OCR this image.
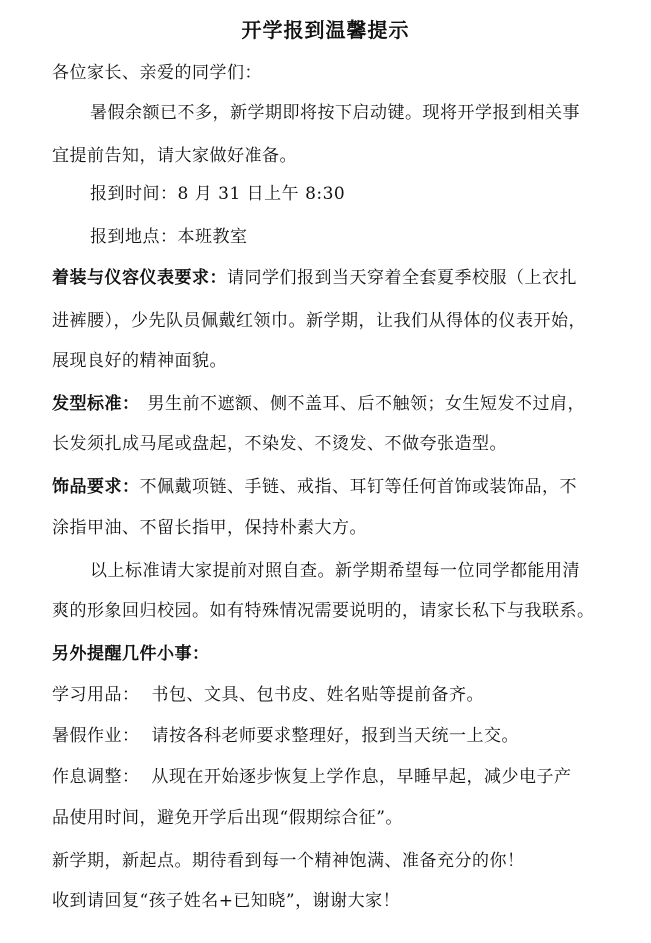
开学报到温馨提示
各位家长、亲爱的同学们：
暑假余额已不多，新学期即将按下启动键。现将开学报到相关事
宜提前告知，请大家做好准备。
报到时间：8 月 31 日上午 8:30
报到地点：本班教室
着装与仪容仪表要求：请同学们报到当天穿着全套夏季校服（上衣扎
进裤腰），少先队员佩戴红领巾。新学期，让我们从得体的仪表开始，
展现良好的精神面貌。
发型标准： 男生前不遮额、侧不盖耳、后不触领；女生短发不过肩，
长发须扎成马尾或盘起，不染发、不烫发、不做夸张造型。
饰品要求：不佩戴项链、手链、戒指、耳钉等任何首饰或装饰品，不
涂指甲油、不留长指甲，保持朴素大方。
以上标准请大家提前对照自查。新学期希望每一位同学都能用清
爽的形象回归校园。如有特殊情况需要说明的，请家长私下与我联系。
另外提醒几件小事：
学习用品： 书包、文具、包书皮、姓名贴等提前备齐。
暑假作业： 请按各科老师要求整理好，报到当天统一上交。
作息调整： 从现在开始逐步恢复上学作息，早睡早起，减少电子产
品使用时间，避免开学后出现“假期综合征”。
新学期，新起点。期待看到每一个精神饱满、准备充分的你！
收到请回复“孩子姓名+已知晓”，谢谢大家！
